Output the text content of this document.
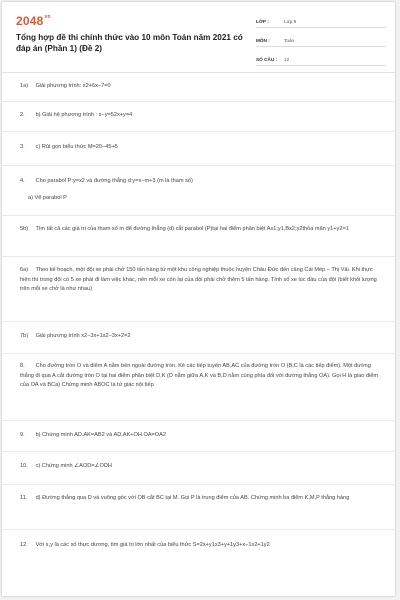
$2048^{vn}$
Tổng hợp đề thi chính thức vào 10 môn Toán năm 2021 có đáp án (Phần 1) (Đề 2)
LỚP :	Lớp 9
MÔN :	Toán
SỐ CÂU :	12
1a) Giải phương trình: x2+6x−7=0
2. b) Giải hệ phương trình : x−y=52x+y=4
3. c) Rút gọn biểu thức M=20−45+5
4. Cho parabol P:y=x2 và đường thẳng d:y=x−m+3 (m là tham số)
a) Vẽ parabol P
5b) Tìm tất cả các giá trị của tham số m để đường thẳng (d) cắt parabol (P)tại hai điểm phân biệt Ax1;y1,Bx2;y2thỏa mãn y1+y2=1
6a) Theo kế hoạch, một đội xe phải chở 150 tấn hàng từ một khu công nghiệp thuộc huyện Châu Đức đến cảng Cái Mép – Thị Vải. Khi thực hiện thì trong đội có 5 xe phải đi làm việc khác, nên mỗi xe còn lại của đội phải chở thêm 5 tấn hàng. Tính số xe lúc đầu của đội (biết khối lượng trên mỗi xe chở là như nhau)
7b) Giải phương trình x2−3x+1x2−3x+2=2
8. Cho đường tròn O và điểm A nằm bên ngoài đường tròn. Kẻ các tiếp tuyến AB,AC của đường tròn O (B,C là các tiếp điểm). Một đường thẳng đi qua A cắt đường tròn O tại hai điểm phân biệt D,K (D nằm giữa A,K và B,D nằm cùng phía đối với đường thẳng OA). Gọi H là giao điểm của OA và BCa) Chứng minh ABOC là tứ giác nội tiếp
9. b) Chứng minh AD.AK=AB2 và AD.AK+OH.OA=OA2
10. c) Chứng minh ∠AOD=∠ODH
11. d) Đường thẳng qua D và vuông góc với OB cắt BC tại M. Gọi P là trung điểm của AB. Chứng minh ba điểm K,M,P thẳng hàng
12. Với x,y là các số thực dương, tìm giá trị lớn nhất của biểu thức S=2x+y1x3+y+1y3+x−1x2+1y2
